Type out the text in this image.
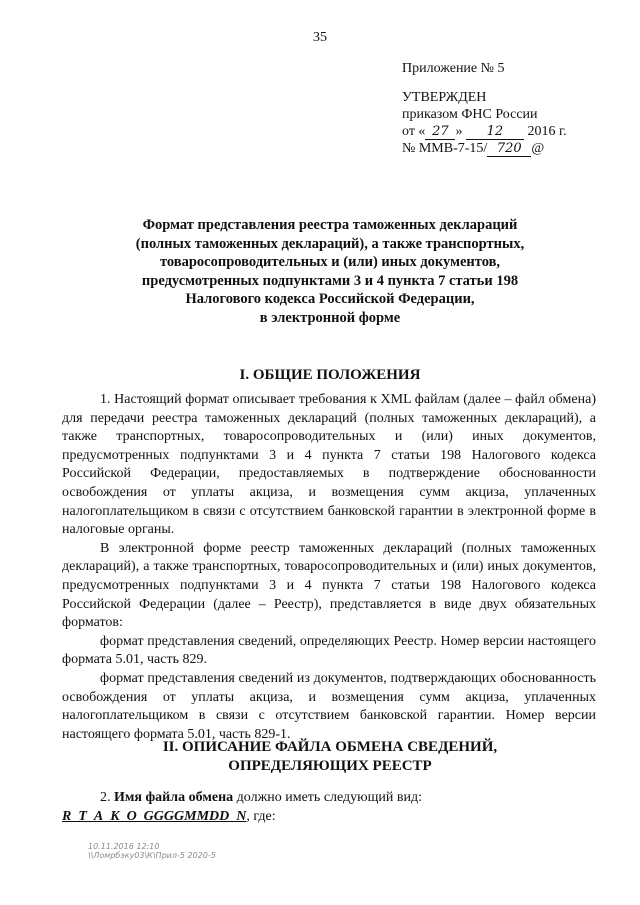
35
Приложение № 5
УТВЕРЖДЕН
приказом ФНС России
от « 27 » 12 2016 г.
№ ММВ-7-15/ 720 @
Формат представления реестра таможенных деклараций
(полных таможенных деклараций), а также транспортных,
товаросопроводительных и (или) иных документов,
предусмотренных подпунктами 3 и 4 пункта 7 статьи 198
Налогового кодекса Российской Федерации,
в электронной форме
I. ОБЩИЕ ПОЛОЖЕНИЯ

1. Настоящий формат описывает требования к XML файлам (далее – файл обмена) для передачи реестра таможенных деклараций (полных таможенных деклараций), а также транспортных, товаросопроводительных и (или) иных документов, предусмотренных подпунктами 3 и 4 пункта 7 статьи 198 Налогового кодекса Российской Федерации, предоставляемых в подтверждение обоснованности освобождения от уплаты акциза, и возмещения сумм акциза, уплаченных налогоплательщиком в связи с отсутствием банковской гарантии в электронной форме в налоговые органы.

В электронной форме реестр таможенных деклараций (полных таможенных деклараций), а также транспортных, товаросопроводительных и (или) иных документов, предусмотренных подпунктами 3 и 4 пункта 7 статьи 198 Налогового кодекса Российской Федерации (далее – Реестр), представляется в виде двух обязательных форматов:

формат представления сведений, определяющих Реестр. Номер версии настоящего формата 5.01, часть 829.

формат представления сведений из документов, подтверждающих обоснованность освобождения от уплаты акциза, и возмещения сумм акциза, уплаченных налогоплательщиком в связи с отсутствием банковской гарантии. Номер версии настоящего формата 5.01, часть 829-1.

II. ОПИСАНИЕ ФАЙЛА ОБМЕНА СВЕДЕНИЙ,
ОПРЕДЕЛЯЮЩИХ РЕЕСТР
2. Имя файла обмена должно иметь следующий вид:
R_T_A_K_O_GGGGMMDD_N, где:
10.11.2016 12:10
\\Ломрбэку03\К\Прил-5 2020-5
